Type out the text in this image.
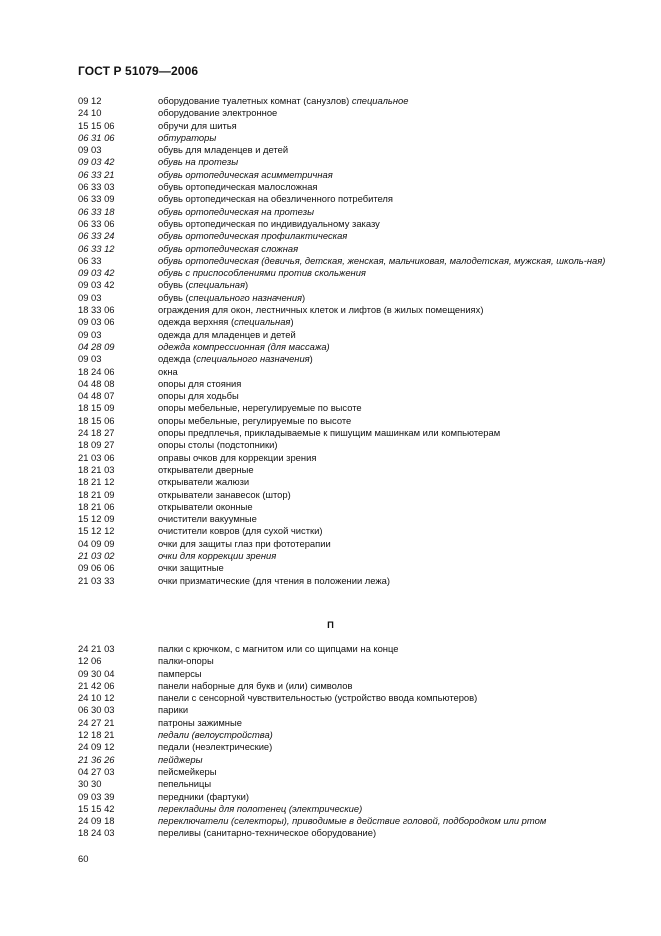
ГОСТ Р 51079—2006
09 12	оборудование туалетных комнат (санузлов) специальное
24 10	оборудование электронное
15 15 06	обручи для шитья
06 31 06	обтураторы
09 03	обувь для младенцев и детей
09 03 42	обувь на протезы
06 33 21	обувь ортопедическая асимметричная
06 33 03	обувь ортопедическая малосложная
06 33 09	обувь ортопедическая на обезличенного потребителя
06 33 18	обувь ортопедическая на протезы
06 33 06	обувь ортопедическая по индивидуальному заказу
06 33 24	обувь ортопедическая профилактическая
06 33 12	обувь ортопедическая сложная
06 33	обувь ортопедическая (девичья, детская, женская, мальчиковая, малодетская, мужская, школь-ная)
09 03 42	обувь с приспособлениями против скольжения
09 03 42	обувь (специальная)
09 03	обувь (специального назначения)
18 33 06	ограждения для окон, лестничных клеток и лифтов (в жилых помещениях)
09 03 06	одежда верхняя (специальная)
09 03	одежда для младенцев и детей
04 28 09	одежда компрессионная (для массажа)
09 03	одежда (специального назначения)
18 24 06	окна
04 48 08	опоры для стояния
04 48 07	опоры для ходьбы
18 15 09	опоры мебельные, нерегулируемые по высоте
18 15 06	опоры мебельные, регулируемые по высоте
24 18 27	опоры предплечья, прикладываемые к пишущим машинкам или компьютерам
18 09 27	опоры столы (подстопники)
21 03 06	оправы очков для коррекции зрения
18 21 03	открыватели дверные
18 21 12	открыватели жалюзи
18 21 09	открыватели занавесок (штор)
18 21 06	открыватели оконные
15 12 09	очистители вакуумные
15 12 12	очистители ковров (для сухой чистки)
04 09 09	очки для защиты глаз при фототерапии
21 03 02	очки для коррекции зрения
09 06 06	очки защитные
21 03 33	очки призматические (для чтения в положении лежа)
П
24 21 03	палки с крючком, с магнитом или со щипцами на конце
12 06	палки-опоры
09 30 04	памперсы
21 42 06	панели наборные для букв и (или) символов
24 10 12	панели с сенсорной чувствительностью (устройство ввода компьютеров)
06 30 03	парики
24 27 21	патроны зажимные
12 18 21	педали (велоустройства)
24 09 12	педали (неэлектрические)
21 36 26	пейджеры
04 27 03	пейсмейкеры
30 30	пепельницы
09 03 39	передники (фартуки)
15 15 42	перекладины для полотенец (электрические)
24 09 18	переключатели (селекторы), приводимые в действие головой, подбородком или ртом
18 24 03	переливы (санитарно-техническое оборудование)
60
